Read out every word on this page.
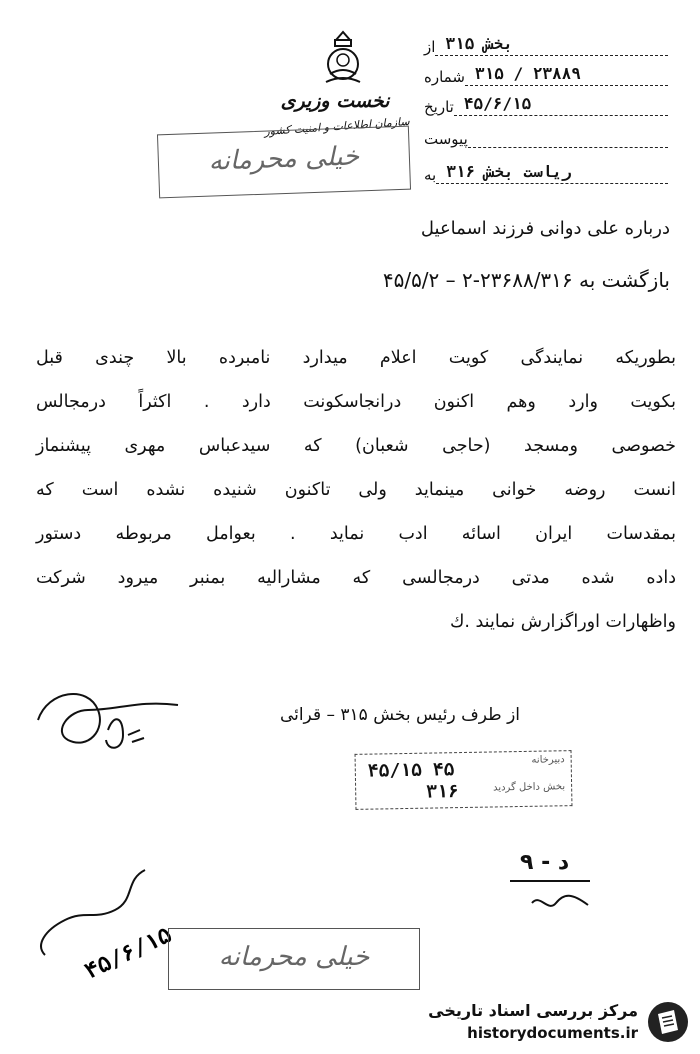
از بخش ۳۱۵
شماره ۳۱۵ / ۲۳۸۸۹
تاریخ ۴۵/۶/۱۵
پیوست
به ریاست بخش ۳۱۶
نخست وزیری
سازمان اطلاعات و امنیت کشور
خیلی محرمانه
درباره علی دوانی فرزند اسماعیل
بازگشت به ۲۳۶۸۸/۳۱۶-۲ – ۴۵/۵/۲
بطوریکه نمایندگی کویت اعلام میدارد نامبرده بالا چندی قبل
بکویت وارد وهم اکنون درانجاسکونت دارد . اکثراً درمجالس
خصوصی ومسجد (حاجی شعبان) که سیدعباس مهری پیشنماز
انست روضه خوانی مینماید ولی تاکنون شنیده نشده است که
بمقدسات ایران اسائه ادب نماید . بعوامل مربوطه دستور
داده شده مدتی درمجالسی که مشارالیه بمنبر میرود شرکت
واظهارات اوراگزارش نمایند .ك
از طرف رئیس بخش ۳۱۵ – قرائی
دبیرخانه
بخش داخل گردید
۴۵/۱۵ ۴۵
۳۱۶
د - ۹
۴۵/۶/۱۵	خیلی محرمانه
مرکز بررسی اسناد تاریخی
historydocuments.ir
